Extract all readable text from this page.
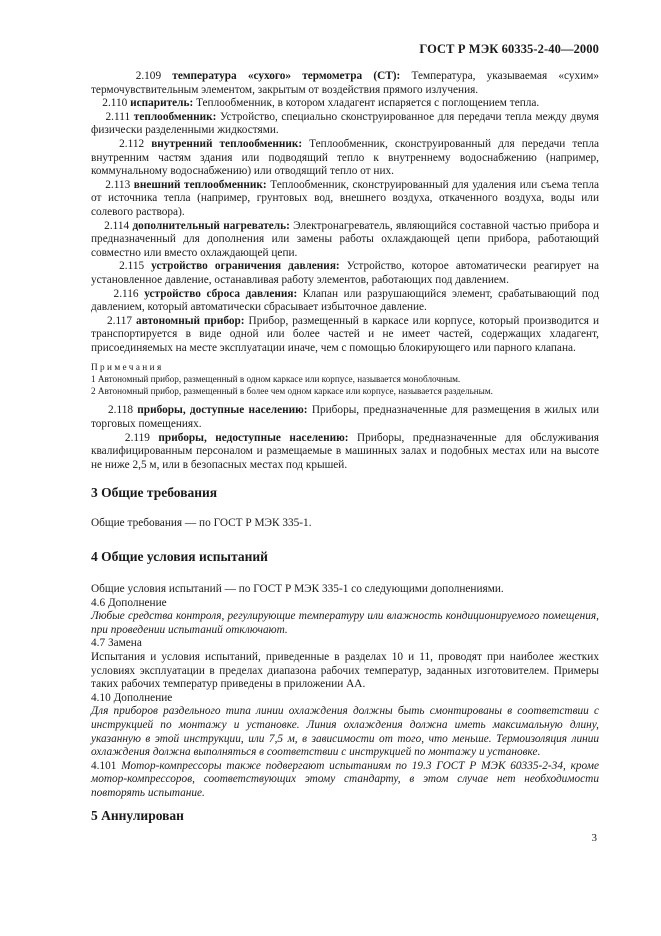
ГОСТ Р МЭК 60335-2-40—2000

2.109 температура «сухого» термометра (СТ): Температура, указываемая «сухим» термочувствительным элементом, закрытым от воздействия прямого излучения.

2.110 испаритель: Теплообменник, в котором хладагент испаряется с поглощением тепла.

2.111 теплообменник: Устройство, специально сконструированное для передачи тепла между двумя физически разделенными жидкостями.

2.112 внутренний теплообменник: Теплообменник, сконструированный для передачи тепла внутренним частям здания или подводящий тепло к внутреннему водоснабжению (например, коммунальному водоснабжению) или отводящий тепло от них.

2.113 внешний теплообменник: Теплообменник, сконструированный для удаления или съема тепла от источника тепла (например, грунтовых вод, внешнего воздуха, откаченного воздуха, воды или солевого раствора).

2.114 дополнительный нагреватель: Электронагреватель, являющийся составной частью прибора и предназначенный для дополнения или замены работы охлаждающей цепи прибора, работающий совместно или вместо охлаждающей цепи.

2.115 устройство ограничения давления: Устройство, которое автоматически реагирует на установленное давление, останавливая работу элементов, работающих под давлением.

2.116 устройство сброса давления: Клапан или разрушающийся элемент, срабатывающий под давлением, который автоматически сбрасывает избыточное давление.

2.117 автономный прибор: Прибор, размещенный в каркасе или корпусе, который производится и транспортируется в виде одной или более частей и не имеет частей, содержащих хладагент, присоединяемых на месте эксплуатации иначе, чем с помощью блокирующего или парного клапана.

Примечания
1 Автономный прибор, размещенный в одном каркасе или корпусе, называется моноблочным.
2 Автономный прибор, размещенный в более чем одном каркасе или корпусе, называется раздельным.

2.118 приборы, доступные населению: Приборы, предназначенные для размещения в жилых или торговых помещениях.

2.119 приборы, недоступные населению: Приборы, предназначенные для обслуживания квалифицированным персоналом и размещаемые в машинных залах и подобных местах или на высоте не ниже 2,5 м, или в безопасных местах под крышей.

3 Общие требования
Общие требования — по ГОСТ Р МЭК 335-1.
4 Общие условия испытаний

Общие условия испытаний — по ГОСТ Р МЭК 335-1 со следующими дополнениями.

4.6 Дополнение

Любые средства контроля, регулирующие температуру или влажность кондиционируемого помещения, при проведении испытаний отключают.

4.7 Замена

Испытания и условия испытаний, приведенные в разделах 10 и 11, проводят при наиболее жестких условиях эксплуатации в пределах диапазона рабочих температур, заданных изготовителем. Примеры таких рабочих температур приведены в приложении АА.

4.10 Дополнение

Для приборов раздельного типа линии охлаждения должны быть смонтированы в соответствии с инструкцией по монтажу и установке. Линия охлаждения должна иметь максимальную длину, указанную в этой инструкции, или 7,5 м, в зависимости от того, что меньше. Термоизоляция линии охлаждения должна выполняться в соответствии с инструкцией по монтажу и установке.

4.101 Мотор-компрессоры также подвергают испытаниям по 19.3 ГОСТ Р МЭК 60335-2-34, кроме мотор-компрессоров, соответствующих этому стандарту, в этом случае нет необходимости повторять испытание.

5 Аннулирован
3
